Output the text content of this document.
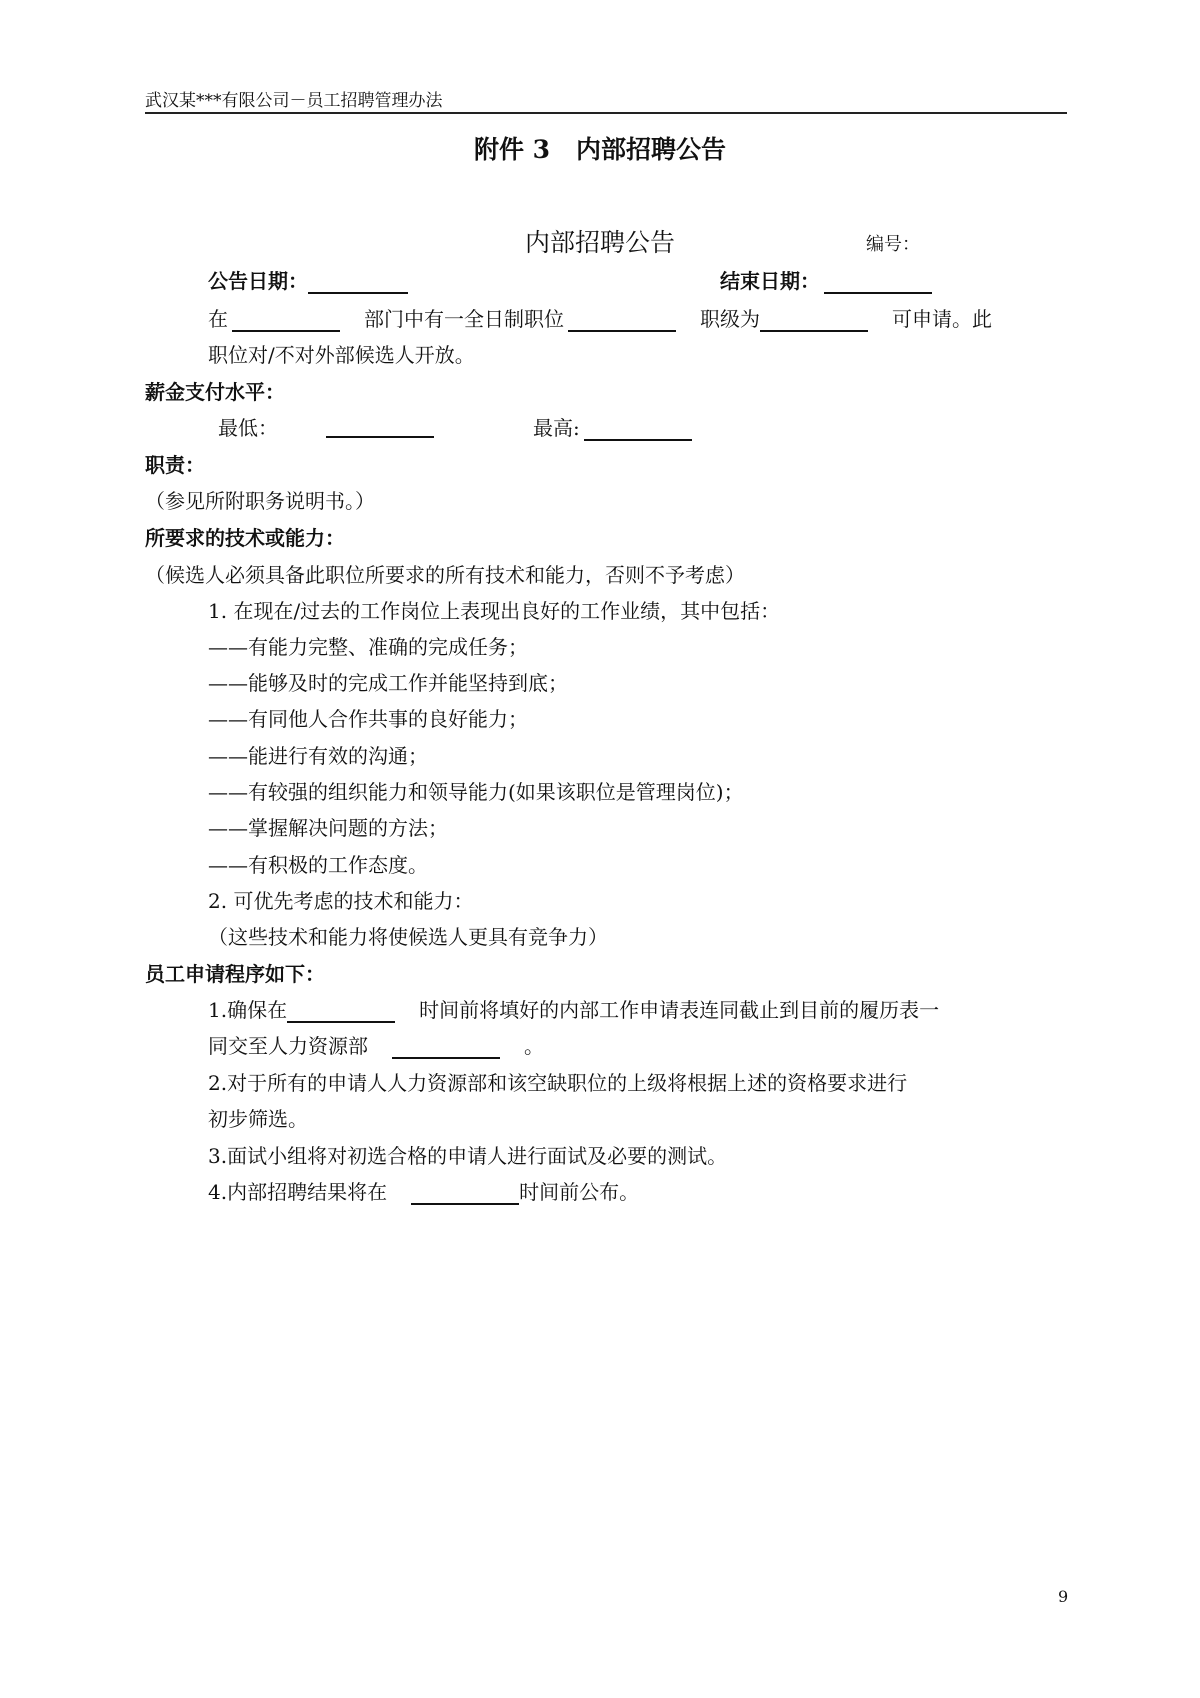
武汉某***有限公司－员工招聘管理办法
附件 3 内部招聘公告
内部招聘公告	编号：
公告日期：	结束日期：
在	部门中有一全日制职位	职级为	可申请。此
职位对/不对外部候选人开放。
薪金支付水平：
最低：	最高:
职责：
（参见所附职务说明书。）
所要求的技术或能力：
（候选人必须具备此职位所要求的所有技术和能力，否则不予考虑）
1. 在现在/过去的工作岗位上表现出良好的工作业绩，其中包括：
——有能力完整、准确的完成任务；
——能够及时的完成工作并能坚持到底；
——有同他人合作共事的良好能力；
——能进行有效的沟通；
——有较强的组织能力和领导能力(如果该职位是管理岗位)；
——掌握解决问题的方法；
——有积极的工作态度。
2. 可优先考虑的技术和能力：
（这些技术和能力将使候选人更具有竞争力）
员工申请程序如下：
1.确保在	时间前将填好的内部工作申请表连同截止到目前的履历表一
同交至人力资源部	。
2.对于所有的申请人人力资源部和该空缺职位的上级将根据上述的资格要求进行
初步筛选。
3.面试小组将对初选合格的申请人进行面试及必要的测试。
4.内部招聘结果将在	时间前公布。
9
